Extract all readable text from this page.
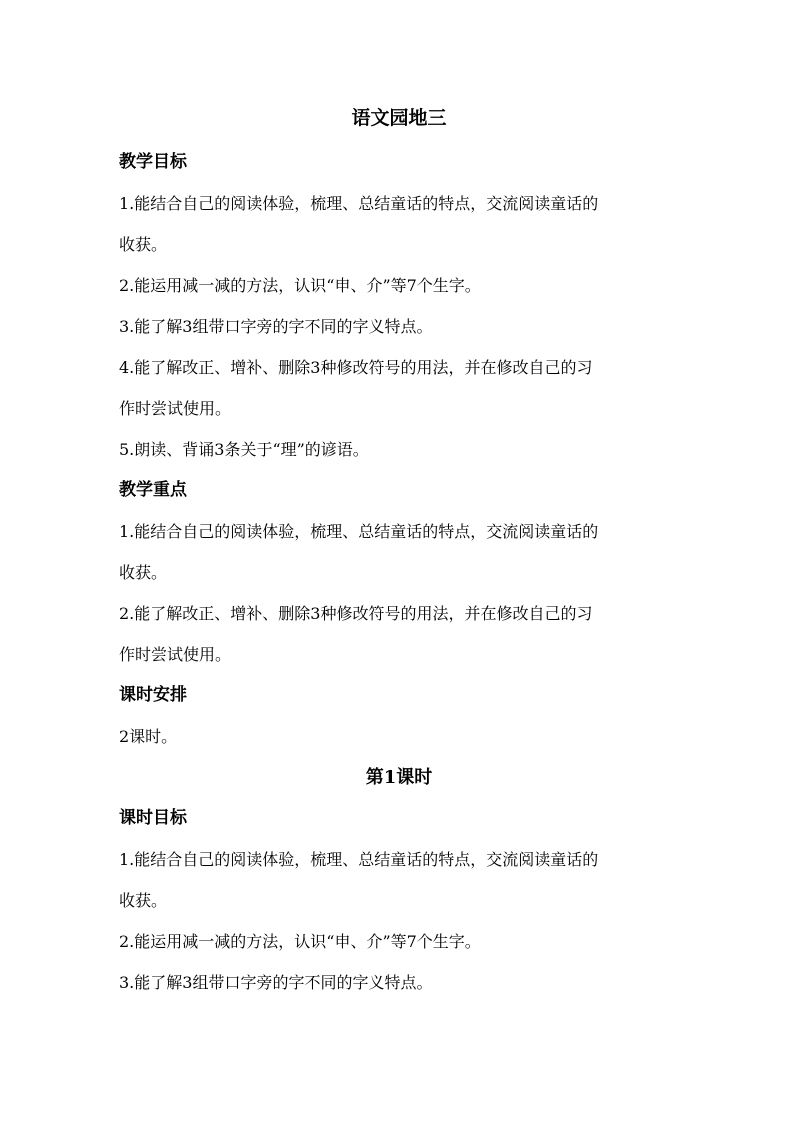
语文园地三

教学目标

1.能结合自己的阅读体验，梳理、总结童话的特点，交流阅读童话的

收获。

2.能运用减一减的方法，认识“申、介”等7个生字。

3.能了解3组带口字旁的字不同的字义特点。

4.能了解改正、增补、删除3种修改符号的用法，并在修改自己的习

作时尝试使用。

5.朗读、背诵3条关于“理”的谚语。

教学重点

1.能结合自己的阅读体验，梳理、总结童话的特点，交流阅读童话的

收获。

2.能了解改正、增补、删除3种修改符号的用法，并在修改自己的习

作时尝试使用。

课时安排

2课时。

第1课时

课时目标

1.能结合自己的阅读体验，梳理、总结童话的特点，交流阅读童话的

收获。

2.能运用减一减的方法，认识“申、介”等7个生字。

3.能了解3组带口字旁的字不同的字义特点。
